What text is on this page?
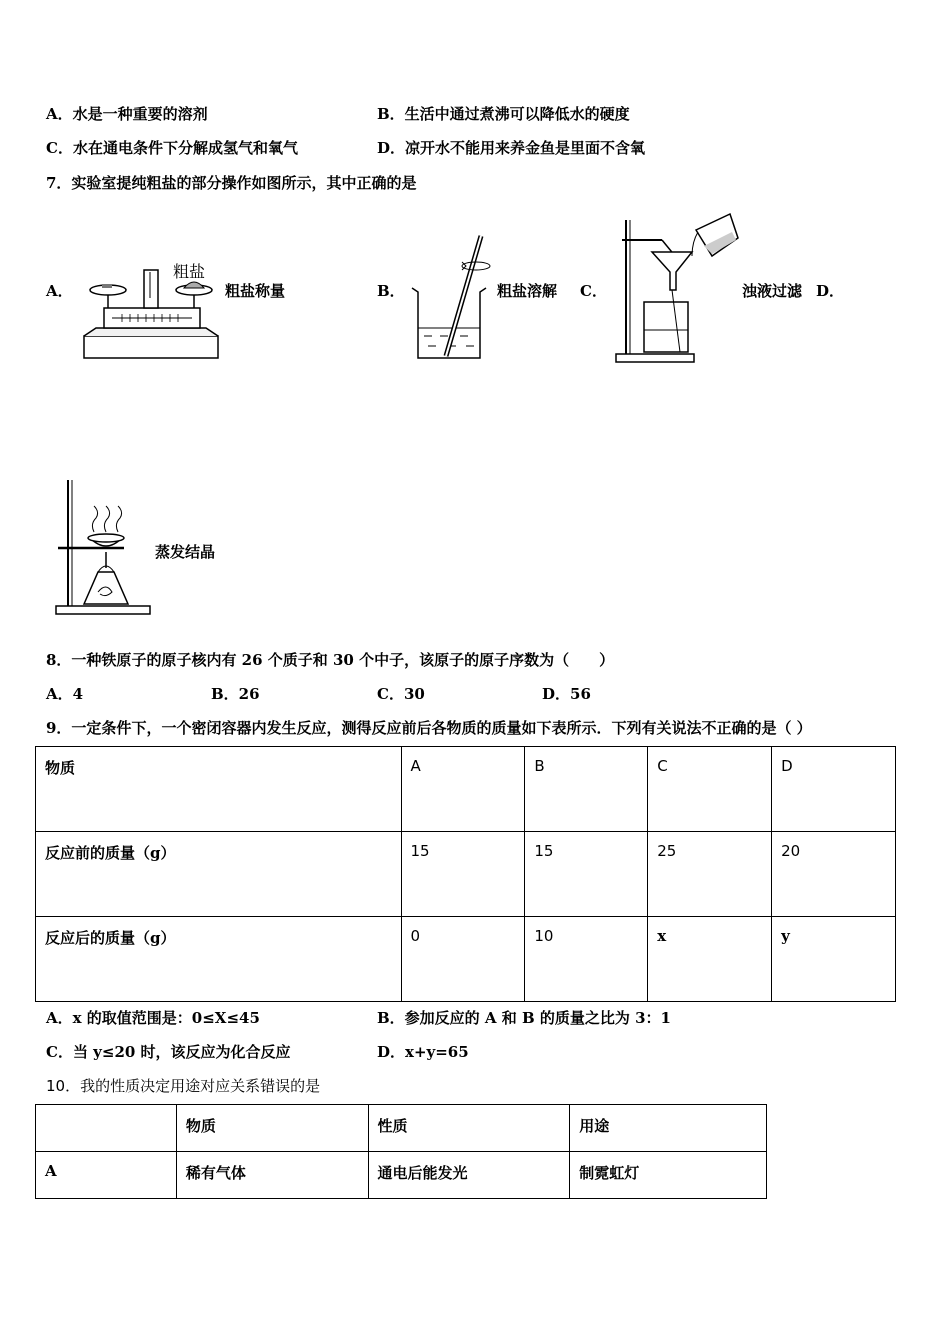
A．水是一种重要的溶剂	B．生活中通过煮沸可以降低水的硬度
C．水在通电条件下分解成氢气和氧气	D．凉开水不能用来养金鱼是里面不含氧
7．实验室提纯粗盐的部分操作如图所示，其中正确的是
A．
粗盐
粗盐称量	B．	粗盐溶解 C．	浊液过滤 D．
蒸发结晶
8．一种铁原子的原子核内有 26 个质子和 30 个中子，该原子的原子序数为（　　）
A．4	B．26	C．30	D．56
9．一定条件下，一个密闭容器内发生反应，测得反应前后各物质的质量如下表所示．下列有关说法不正确的是（ ）
物质	A	B	C	D
反应前的质量（g）	15	15	25	20
反应后的质量（g）	0	10	x	y
A．x 的取值范围是：0≤X≤45	B．参加反应的 A 和 B 的质量之比为 3：1
C．当 y≤20 时，该反应为化合反应	D．x+y=65
10．我的性质决定用途对应关系错误的是
	物质	性质	用途
A	稀有气体	通电后能发光	制霓虹灯
